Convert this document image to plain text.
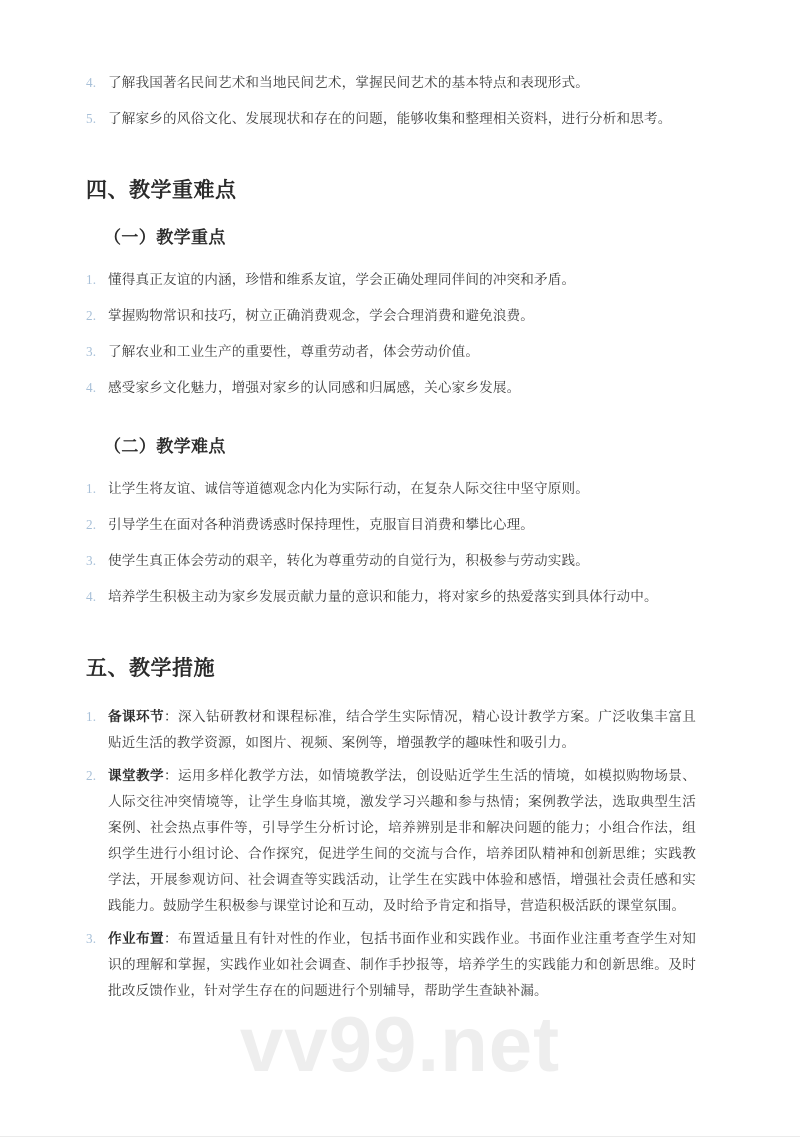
4. 了解我国著名民间艺术和当地民间艺术，掌握民间艺术的基本特点和表现形式。
5. 了解家乡的风俗文化、发展现状和存在的问题，能够收集和整理相关资料，进行分析和思考。
四、教学重难点
（一）教学重点
1. 懂得真正友谊的内涵，珍惜和维系友谊，学会正确处理同伴间的冲突和矛盾。
2. 掌握购物常识和技巧，树立正确消费观念，学会合理消费和避免浪费。
3. 了解农业和工业生产的重要性，尊重劳动者，体会劳动价值。
4. 感受家乡文化魅力，增强对家乡的认同感和归属感，关心家乡发展。
（二）教学难点
1. 让学生将友谊、诚信等道德观念内化为实际行动，在复杂人际交往中坚守原则。
2. 引导学生在面对各种消费诱惑时保持理性，克服盲目消费和攀比心理。
3. 使学生真正体会劳动的艰辛，转化为尊重劳动的自觉行为，积极参与劳动实践。
4. 培养学生积极主动为家乡发展贡献力量的意识和能力，将对家乡的热爱落实到具体行动中。
五、教学措施
1. 备课环节：深入钻研教材和课程标准，结合学生实际情况，精心设计教学方案。广泛收集丰富且贴近生活的教学资源，如图片、视频、案例等，增强教学的趣味性和吸引力。
2. 课堂教学：运用多样化教学方法，如情境教学法，创设贴近学生生活的情境，如模拟购物场景、人际交往冲突情境等，让学生身临其境，激发学习兴趣和参与热情；案例教学法，选取典型生活案例、社会热点事件等，引导学生分析讨论，培养辨别是非和解决问题的能力；小组合作法，组织学生进行小组讨论、合作探究，促进学生间的交流与合作，培养团队精神和创新思维；实践教学法，开展参观访问、社会调查等实践活动，让学生在实践中体验和感悟，增强社会责任感和实践能力。鼓励学生积极参与课堂讨论和互动，及时给予肯定和指导，营造积极活跃的课堂氛围。
3. 作业布置：布置适量且有针对性的作业，包括书面作业和实践作业。书面作业注重考查学生对知识的理解和掌握，实践作业如社会调查、制作手抄报等，培养学生的实践能力和创新思维。及时批改反馈作业，针对学生存在的问题进行个别辅导，帮助学生查缺补漏。
vv99.net
